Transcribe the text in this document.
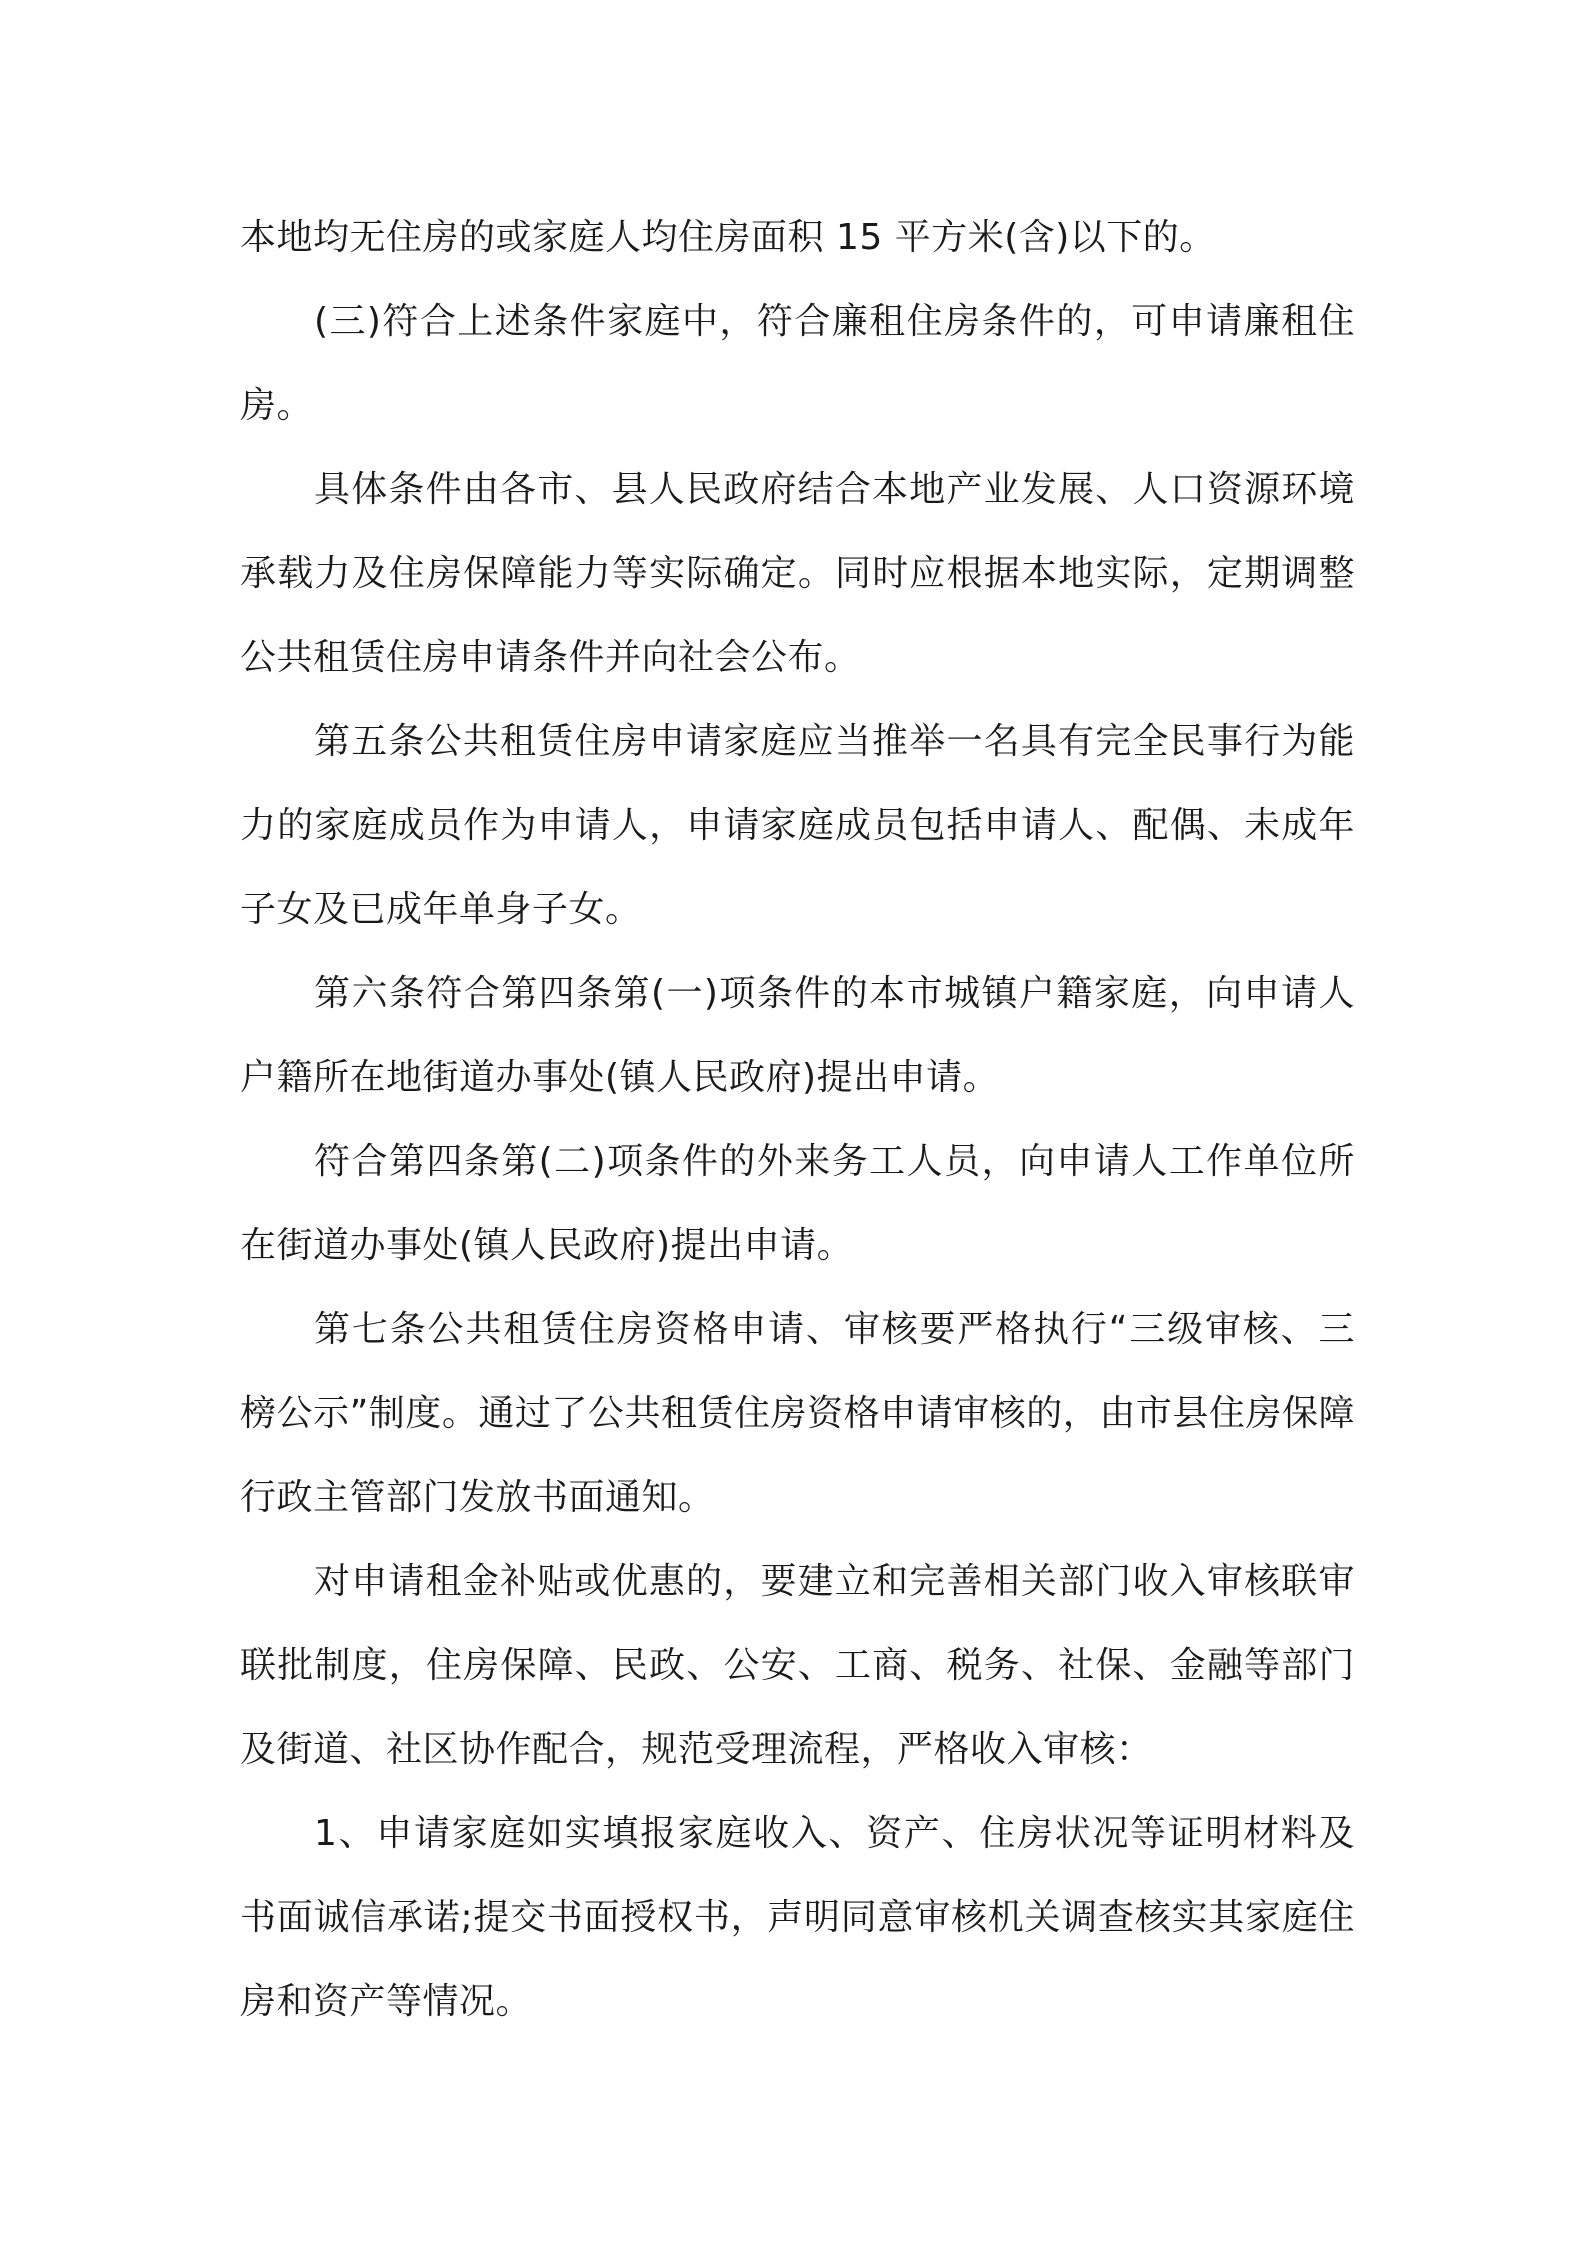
本地均无住房的或家庭人均住房面积 15 平方米(含)以下的。

(三)符合上述条件家庭中，符合廉租住房条件的，可申请廉租住房。

具体条件由各市、县人民政府结合本地产业发展、人口资源环境承载力及住房保障能力等实际确定。同时应根据本地实际，定期调整公共租赁住房申请条件并向社会公布。

第五条公共租赁住房申请家庭应当推举一名具有完全民事行为能力的家庭成员作为申请人，申请家庭成员包括申请人、配偶、未成年子女及已成年单身子女。

第六条符合第四条第(一)项条件的本市城镇户籍家庭，向申请人户籍所在地街道办事处(镇人民政府)提出申请。

符合第四条第(二)项条件的外来务工人员，向申请人工作单位所在街道办事处(镇人民政府)提出申请。

第七条公共租赁住房资格申请、审核要严格执行“三级审核、三榜公示”制度。通过了公共租赁住房资格申请审核的，由市县住房保障行政主管部门发放书面通知。

对申请租金补贴或优惠的，要建立和完善相关部门收入审核联审联批制度，住房保障、民政、公安、工商、税务、社保、金融等部门及街道、社区协作配合，规范受理流程，严格收入审核：

1、申请家庭如实填报家庭收入、资产、住房状况等证明材料及书面诚信承诺;提交书面授权书，声明同意审核机关调查核实其家庭住房和资产等情况。
